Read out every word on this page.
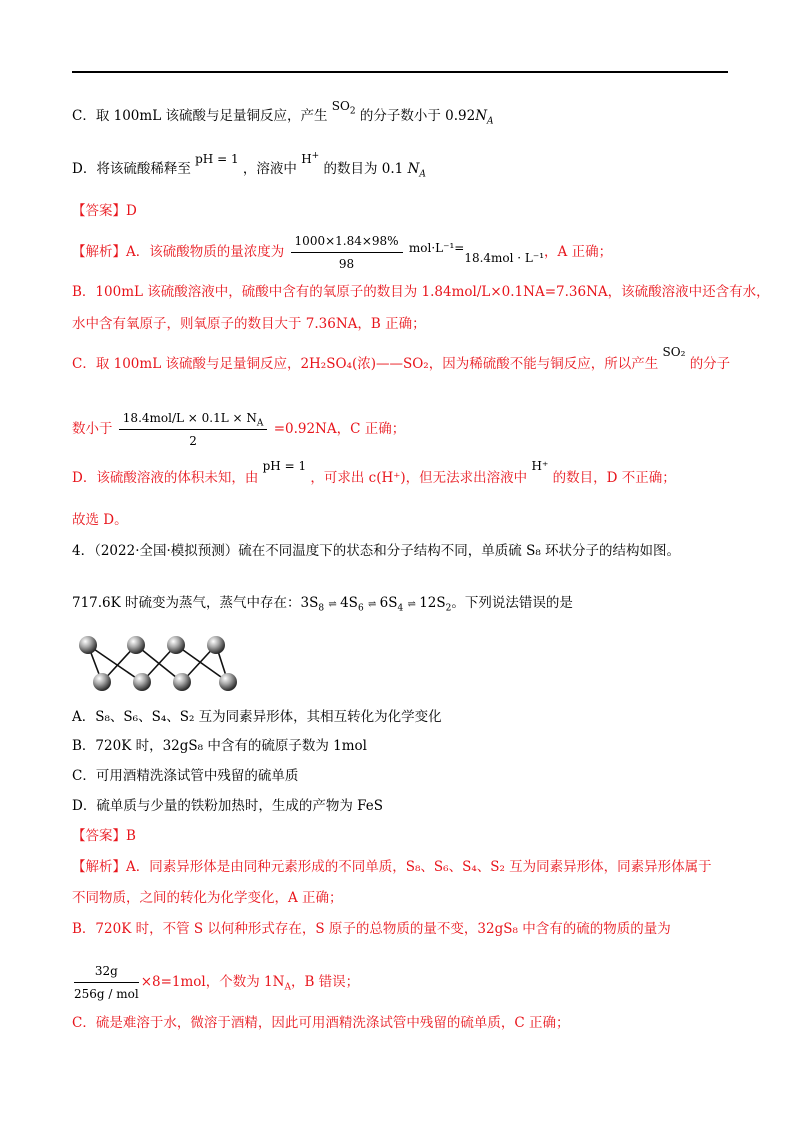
C．取 100mL 该硫酸与足量铜反应，产生 $SO_2$ 的分子数小于 $0.92N_A$
D．将该硫酸稀释至 pH = 1 ，溶液中 H+ 的数目为 0.1 $N_A$
【答案】D
【解析】A．该硫酸物质的量浓度为 $\frac{1000\times 1.84\times 98\%}{98} mol\cdot L^{-1}=18.4mol \cdot L^{-1}$，A 正确；
B．100mL 该硫酸溶液中，硫酸中含有的氧原子的数目为 1.84mol/L×0.1NA=7.36NA，该硫酸溶液中还含有水，
水中含有氧原子，则氧原子的数目大于 7.36NA，B 正确；
C．取 100mL 该硫酸与足量铜反应，2H₂SO₄(浓)——SO₂，因为稀硫酸不能与铜反应，所以产生 SO₂ 的分子
数小于 $\frac{18.4mol/L \times 0.1L \times N_A}{2} =0.92NA$，C 正确；
D．该硫酸溶液的体积未知，由 pH = 1 ，可求出 c(H⁺)，但无法求出溶液中 H⁺ 的数目，D 不正确；
故选 D。
4．（2022·全国·模拟预测）硫在不同温度下的状态和分子结构不同，单质硫 S₈ 环状分子的结构如图。
717.6K 时硫变为蒸气，蒸气中存在：$3S_8$ ⇌ $4S_6$ ⇌ $6S_4$ ⇌ $12S_2$。下列说法错误的是
A．S₈、S₆、S₄、S₂ 互为同素异形体，其相互转化为化学变化
B．720K 时，32gS₈ 中含有的硫原子数为 1mol
C．可用酒精洗涤试管中残留的硫单质
D．硫单质与少量的铁粉加热时，生成的产物为 FeS
【答案】B
【解析】A．同素异形体是由同种元素形成的不同单质，S₈、S₆、S₄、S₂ 互为同素异形体，同素异形体属于
不同物质，之间的转化为化学变化，A 正确；
B．720K 时，不管 S 以何种形式存在，S 原子的总物质的量不变，32gS₈ 中含有的硫的物质的量为
$\frac{32g}{\text{256g / mol}} \times 8=1mol$，个数为 $1N_A$，B 错误；
C．硫是难溶于水，微溶于酒精，因此可用酒精洗涤试管中残留的硫单质，C 正确；
